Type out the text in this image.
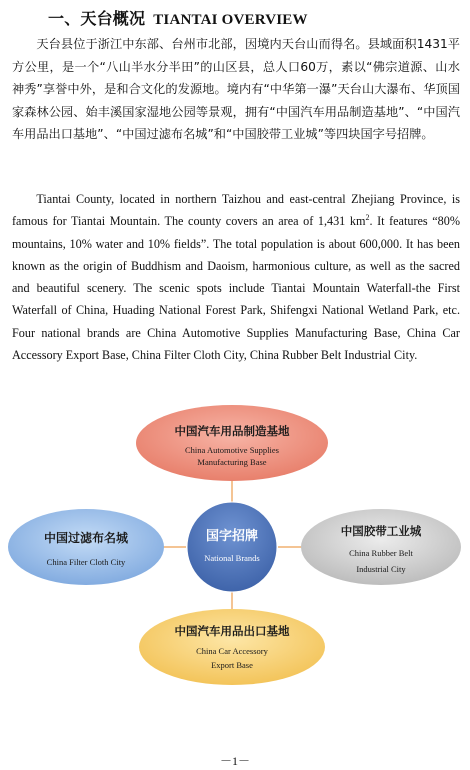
一、天台概况 TIANTAI OVERVIEW

天台县位于浙江中东部、台州市北部，因境内天台山而得名。县域面积1431平方公里，是一个“八山半水分半田”的山区县，总人口60万，素以“佛宗道源、山水神秀”享誉中外，是和合文化的发源地。境内有“中华第一瀑”天台山大瀑布、华顶国家森林公园、始丰溪国家湿地公园等景观，拥有“中国汽车用品制造基地”、“中国汽车用品出口基地”、“中国过滤布名城”和“中国胶带工业城”等四块国字号招牌。

Tiantai County, located in northern Taizhou and east-central Zhejiang Province, is famous for Tiantai Mountain. The county covers an area of 1,431 $km^2$. It features “80% mountains, 10% water and 10% fields”. The total population is about 600,000. It has been known as the origin of Buddhism and Daoism, harmonious culture, as well as the sacred and beautiful scenery. The scenic spots include Tiantai Mountain Waterfall-the First Waterfall of China, Huading National Forest Park, Shifengxi National Wetland Park, etc. Four national brands are China Automotive Supplies Manufacturing Base, China Car Accessory Export Base, China Filter Cloth City, China Rubber Belt Industrial City.

中国汽车用品制造基地
China Automotive Supplies
Manufacturing Base
中国过滤布名城
China Filter Cloth City
中国胶带工业城
China Rubber Belt
Industrial City
中国汽车用品出口基地
China Car Accessory
Export Base
国字招牌
National Brands
－1－
